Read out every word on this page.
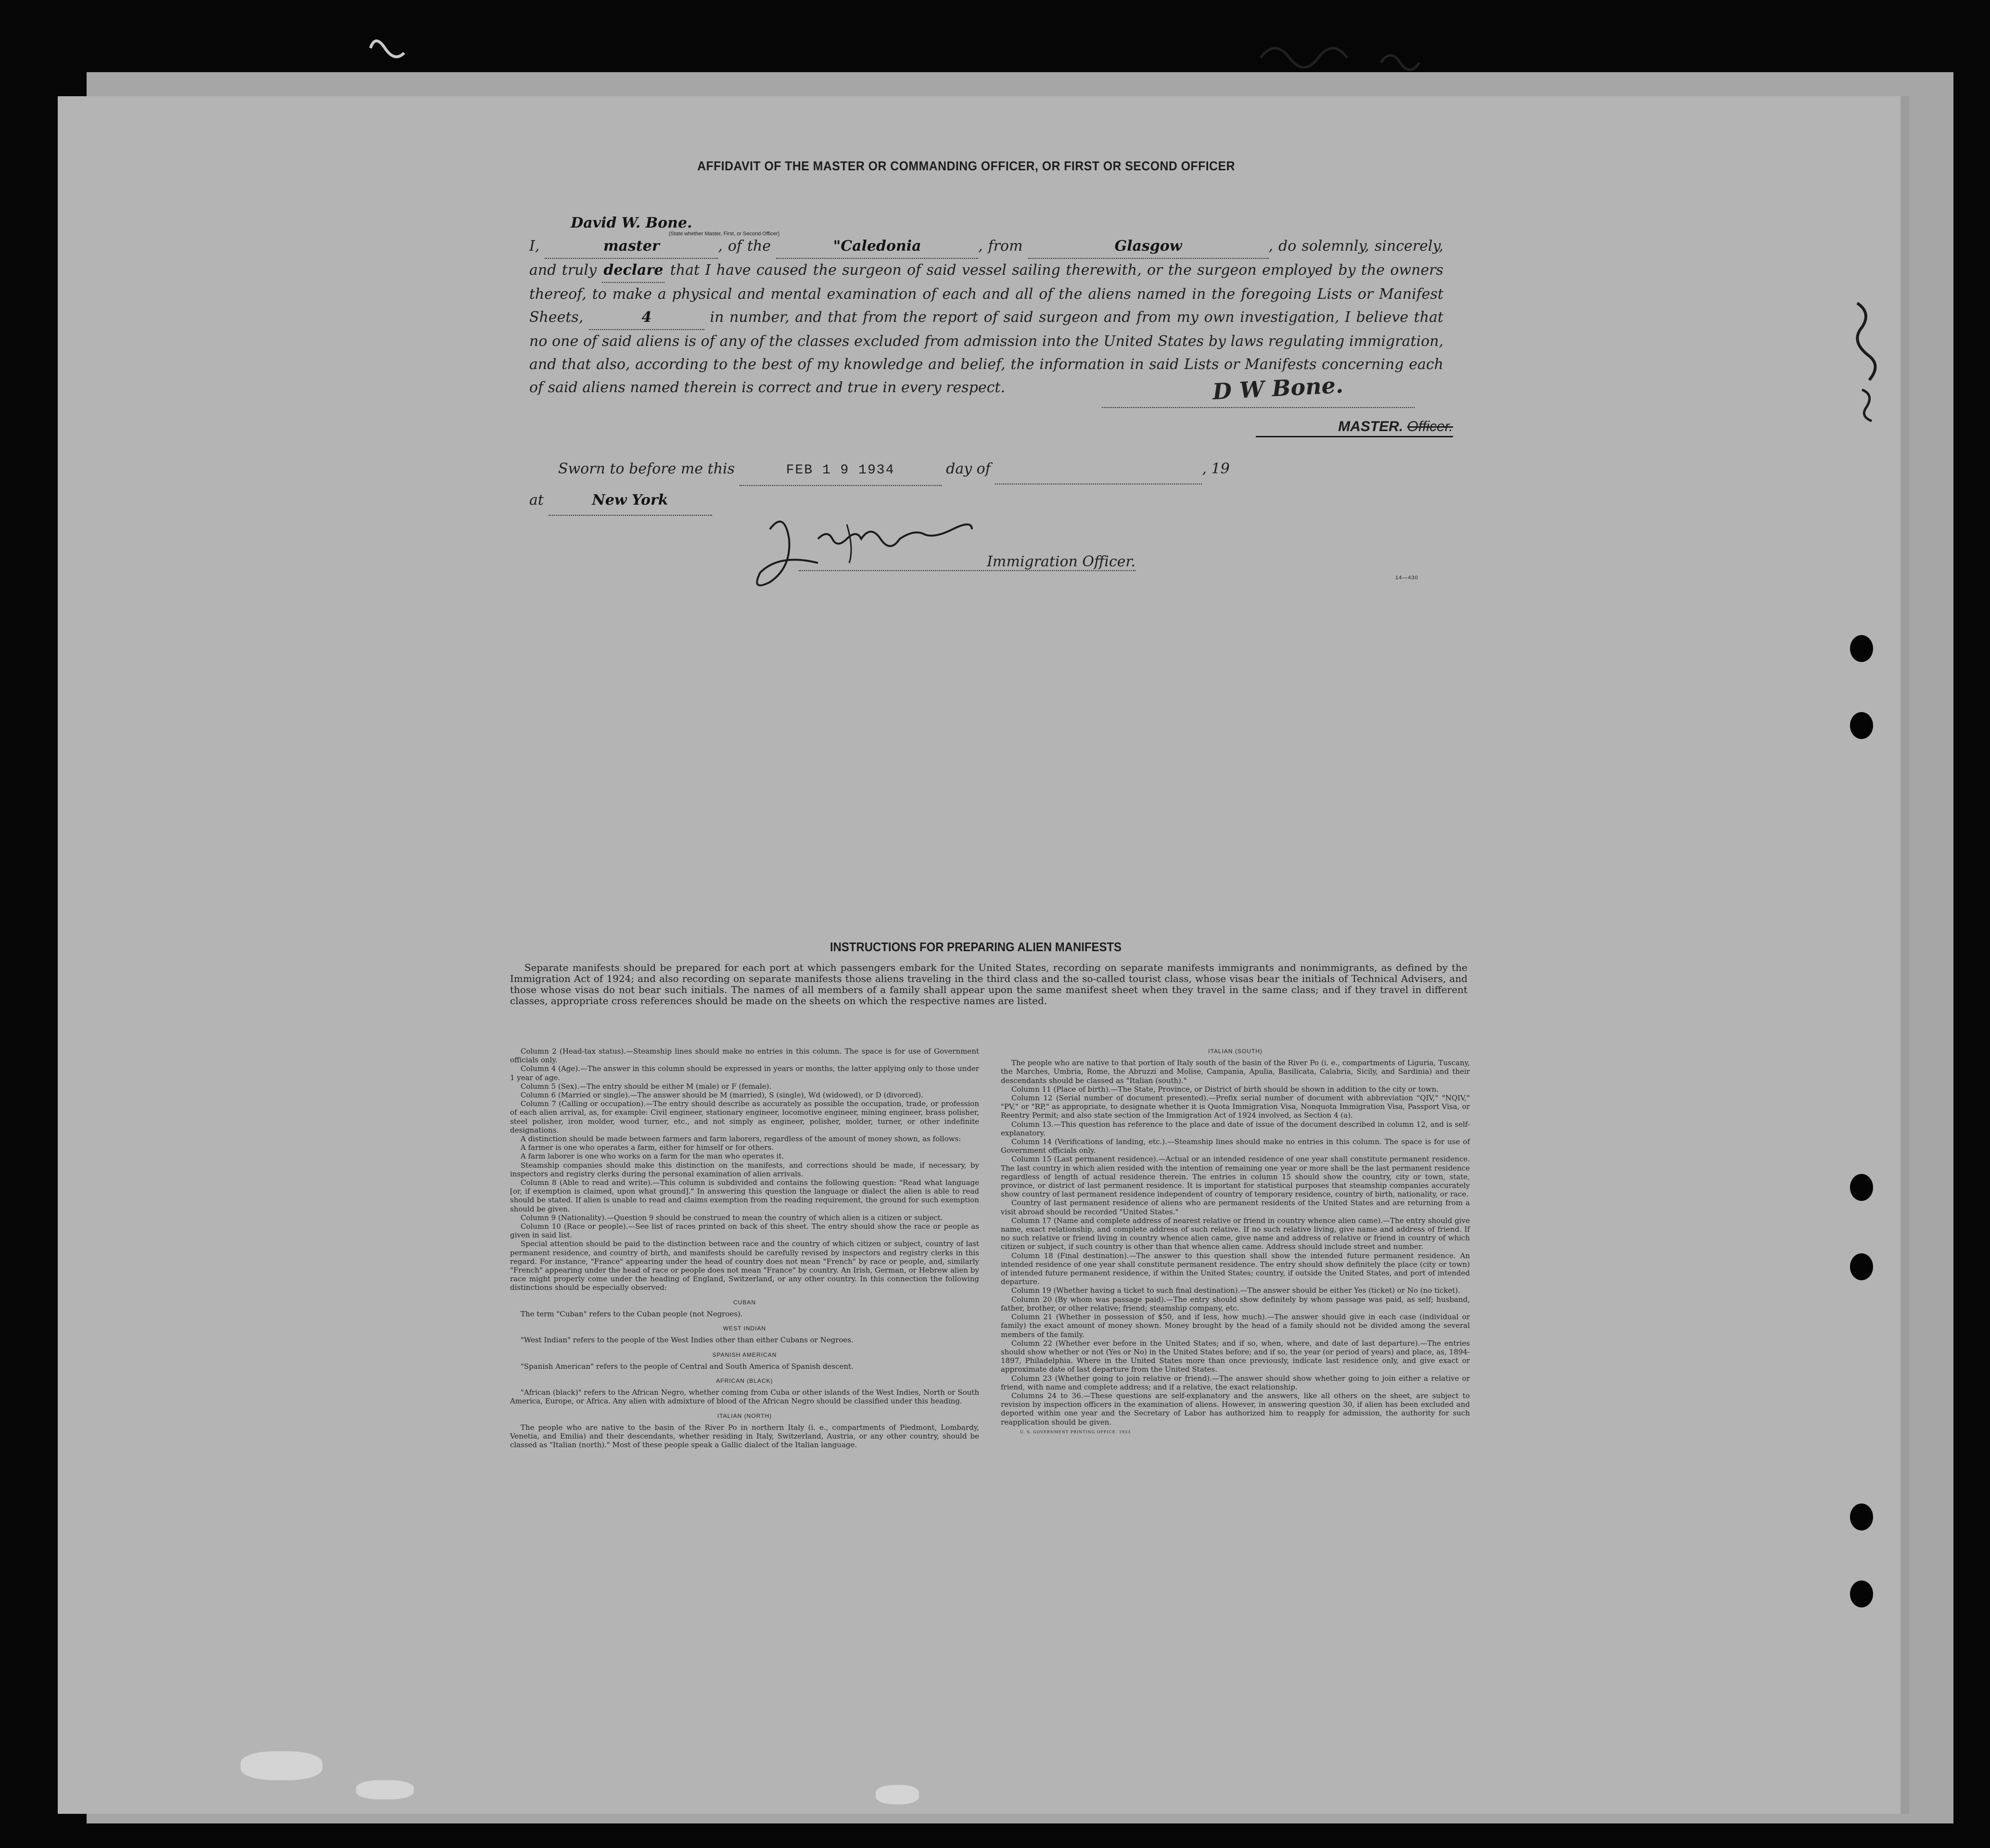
AFFIDAVIT OF THE MASTER OR COMMANDING OFFICER, OR FIRST OR SECOND OFFICER
I, David W. Bone. master	, of the	"Caledonia	, from	Glasgow	, do solemnly, sincerely, and truly declare that I have caused the surgeon of said vessel sailing therewith, or the surgeon employed by the owners thereof, to make a physical and mental examination of each and all of the aliens named in the foregoing Lists or Manifest Sheets,	4	in number, and that from the report of said surgeon and from my own investigation, I believe that no one of said aliens is of any of the classes excluded from admission into the United States by laws regulating immigration, and that also, according to the best of my knowledge and belief, the information in said Lists or Manifests concerning each of said aliens named therein is correct and true in every respect.
(State whether Master, First, or Second Officer)
D W Bone.
MASTER. Officer.
Sworn to before me this	FEB 1 9 1934	day of	, 19
at	New York
Immigration Officer.
14—430
INSTRUCTIONS FOR PREPARING ALIEN MANIFESTS
Separate manifests should be prepared for each port at which passengers embark for the United States, recording on separate manifests immigrants and nonimmigrants, as defined by the Immigration Act of 1924; and also recording on separate manifests those aliens traveling in the third class and the so-called tourist class, whose visas bear the initials of Technical Advisers, and those whose visas do not bear such initials. The names of all members of a family shall appear upon the same manifest sheet when they travel in the same class; and if they travel in different classes, appropriate cross references should be made on the sheets on which the respective names are listed.

Column 2 (Head-tax status).—Steamship lines should make no entries in this column. The space is for use of Government officials only.

Column 4 (Age).—The answer in this column should be expressed in years or months, the latter applying only to those under 1 year of age.

Column 5 (Sex).—The entry should be either M (male) or F (female).

Column 6 (Married or single).—The answer should be M (married), S (single), Wd (widowed), or D (divorced).

Column 7 (Calling or occupation).—The entry should describe as accurately as possible the occupation, trade, or profession of each alien arrival, as, for example: Civil engineer, stationary engineer, locomotive engineer, mining engineer, brass polisher, steel polisher, iron molder, wood turner, etc., and not simply as engineer, polisher, molder, turner, or other indefinite designations.

A distinction should be made between farmers and farm laborers, regardless of the amount of money shown, as follows:

A farmer is one who operates a farm, either for himself or for others.

A farm laborer is one who works on a farm for the man who operates it.

Steamship companies should make this distinction on the manifests, and corrections should be made, if necessary, by inspectors and registry clerks during the personal examination of alien arrivals.

Column 8 (Able to read and write).—This column is subdivided and contains the following question: "Read what language [or, if exemption is claimed, upon what ground]." In answering this question the language or dialect the alien is able to read should be stated. If alien is unable to read and claims exemption from the reading requirement, the ground for such exemption should be given.

Column 9 (Nationality).—Question 9 should be construed to mean the country of which alien is a citizen or subject.

Column 10 (Race or people).—See list of races printed on back of this sheet. The entry should show the race or people as given in said list.

Special attention should be paid to the distinction between race and the country of which citizen or subject, country of last permanent residence, and country of birth, and manifests should be carefully revised by inspectors and registry clerks in this regard. For instance, "France" appearing under the head of country does not mean "French" by race or people, and, similarly "French" appearing under the head of race or people does not mean "France" by country. An Irish, German, or Hebrew alien by race might properly come under the heading of England, Switzerland, or any other country. In this connection the following distinctions should be especially observed:

CUBAN

The term "Cuban" refers to the Cuban people (not Negroes).

WEST INDIAN

"West Indian" refers to the people of the West Indies other than either Cubans or Negroes.

SPANISH AMERICAN

"Spanish American" refers to the people of Central and South America of Spanish descent.

AFRICAN (BLACK)

"African (black)" refers to the African Negro, whether coming from Cuba or other islands of the West Indies, North or South America, Europe, or Africa. Any alien with admixture of blood of the African Negro should be classified under this heading.

ITALIAN (NORTH)

The people who are native to the basin of the River Po in northern Italy (i. e., compartments of Piedmont, Lombardy, Venetia, and Emilia) and their descendants, whether residing in Italy, Switzerland, Austria, or any other country, should be classed as "Italian (north)." Most of these people speak a Gallic dialect of the Italian language.

ITALIAN (SOUTH)

The people who are native to that portion of Italy south of the basin of the River Po (i. e., compartments of Liguria, Tuscany, the Marches, Umbria, Rome, the Abruzzi and Molise, Campania, Apulia, Basilicata, Calabria, Sicily, and Sardinia) and their descendants should be classed as "Italian (south)."

Column 11 (Place of birth).—The State, Province, or District of birth should be shown in addition to the city or town.

Column 12 (Serial number of document presented).—Prefix serial number of document with abbreviation "QIV," "NQIV," "PV," or "RP," as appropriate, to designate whether it is Quota Immigration Visa, Nonquota Immigration Visa, Passport Visa, or Reentry Permit; and also state section of the Immigration Act of 1924 involved, as Section 4 (a).

Column 13.—This question has reference to the place and date of issue of the document described in column 12, and is self-explanatory.

Column 14 (Verifications of landing, etc.).—Steamship lines should make no entries in this column. The space is for use of Government officials only.

Column 15 (Last permanent residence).—Actual or an intended residence of one year shall constitute permanent residence. The last country in which alien resided with the intention of remaining one year or more shall be the last permanent residence regardless of length of actual residence therein. The entries in column 15 should show the country, city or town, state, province, or district of last permanent residence. It is important for statistical purposes that steamship companies accurately show country of last permanent residence independent of country of temporary residence, country of birth, nationality, or race.

Country of last permanent residence of aliens who are permanent residents of the United States and are returning from a visit abroad should be recorded "United States."

Column 17 (Name and complete address of nearest relative or friend in country whence alien came).—The entry should give name, exact relationship, and complete address of such relative. If no such relative living, give name and address of friend. If no such relative or friend living in country whence alien came, give name and address of relative or friend in country of which citizen or subject, if such country is other than that whence alien came. Address should include street and number.

Column 18 (Final destination).—The answer to this question shall show the intended future permanent residence. An intended residence of one year shall constitute permanent residence. The entry should show definitely the place (city or town) of intended future permanent residence, if within the United States; country, if outside the United States, and port of intended departure.

Column 19 (Whether having a ticket to such final destination).—The answer should be either Yes (ticket) or No (no ticket).

Column 20 (By whom was passage paid).—The entry should show definitely by whom passage was paid, as self; husband, father, brother, or other relative; friend; steamship company, etc.

Column 21 (Whether in possession of $50, and if less, how much).—The answer should give in each case (individual or family) the exact amount of money shown. Money brought by the head of a family should not be divided among the several members of the family.

Column 22 (Whether ever before in the United States; and if so, when, where, and date of last departure).—The entries should show whether or not (Yes or No) in the United States before; and if so, the year (or period of years) and place, as, 1894-1897, Philadelphia. Where in the United States more than once previously, indicate last residence only, and give exact or approximate date of last departure from the United States.

Column 23 (Whether going to join relative or friend).—The answer should show whether going to join either a relative or friend, with name and complete address; and if a relative, the exact relationship.

Columns 24 to 36.—These questions are self-explanatory and the answers, like all others on the sheet, are subject to revision by inspection officers in the examination of aliens. However, in answering question 30, if alien has been excluded and deported within one year and the Secretary of Labor has authorized him to reapply for admission, the authority for such reapplication should be given.

U. S. GOVERNMENT PRINTING OFFICE: 1933
